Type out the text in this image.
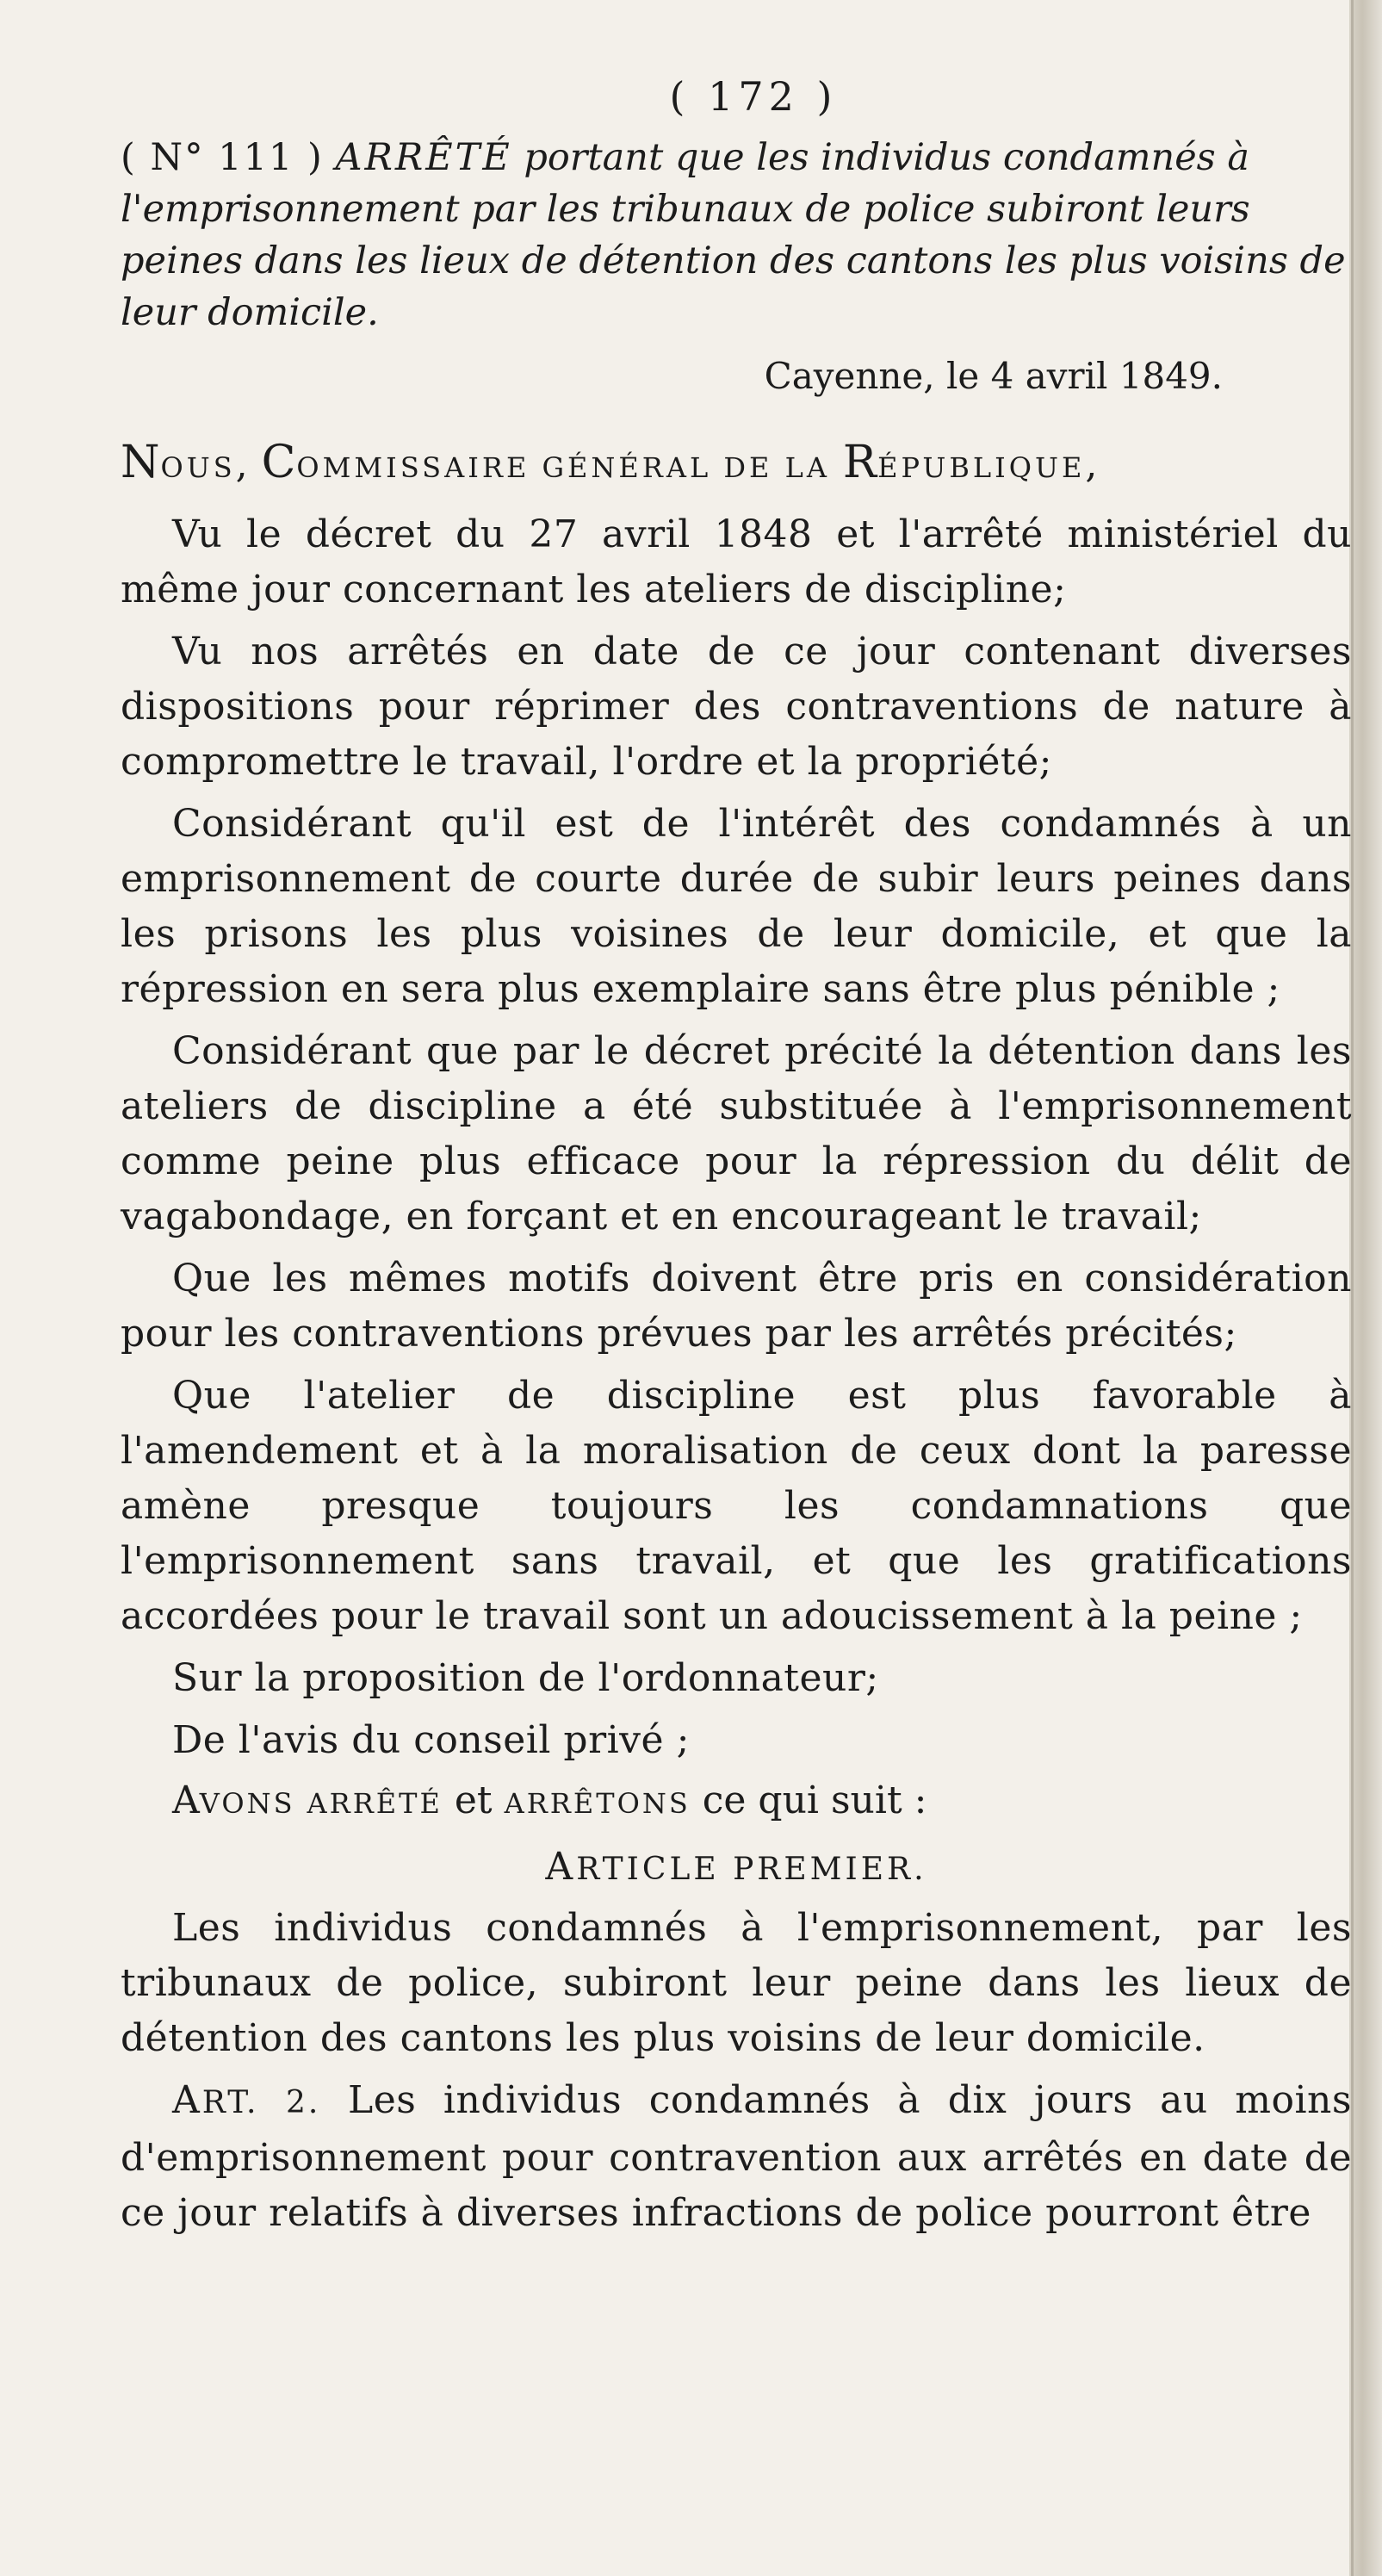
( 172 )

( N° 111 ) ARRÊTÉ portant que les individus condamnés à l'emprisonnement par les tribunaux de police subiront leurs peines dans les lieux de détention des cantons les plus voisins de leur domicile.

Cayenne, le 4 avril 1849.

NOUS, COMMISSAIRE GÉNÉRAL DE LA RÉPUBLIQUE,

Vu le décret du 27 avril 1848 et l'arrêté ministériel du même jour concernant les ateliers de discipline;

Vu nos arrêtés en date de ce jour contenant diverses dispositions pour réprimer des contraventions de nature à compromettre le travail, l'ordre et la propriété;

Considérant qu'il est de l'intérêt des condamnés à un emprisonnement de courte durée de subir leurs peines dans les prisons les plus voisines de leur domicile, et que la répression en sera plus exemplaire sans être plus pénible ;

Considérant que par le décret précité la détention dans les ateliers de discipline a été substituée à l'emprisonnement comme peine plus efficace pour la répression du délit de vagabondage, en forçant et en encourageant le travail;

Que les mêmes motifs doivent être pris en considération pour les contraventions prévues par les arrêtés précités;

Que l'atelier de discipline est plus favorable à l'amendement et à la moralisation de ceux dont la paresse amène presque toujours les condamnations que l'emprisonnement sans travail, et que les gratifications accordées pour le travail sont un adoucissement à la peine ;

Sur la proposition de l'ordonnateur;

De l'avis du conseil privé ;

AVONS ARRÊTÉ et ARRÊTONS ce qui suit :

ARTICLE PREMIER.

Les individus condamnés à l'emprisonnement, par les tribunaux de police, subiront leur peine dans les lieux de détention des cantons les plus voisins de leur domicile.

ART. 2. Les individus condamnés à dix jours au moins d'emprisonnement pour contravention aux arrêtés en date de ce jour relatifs à diverses infractions de police pourront être
